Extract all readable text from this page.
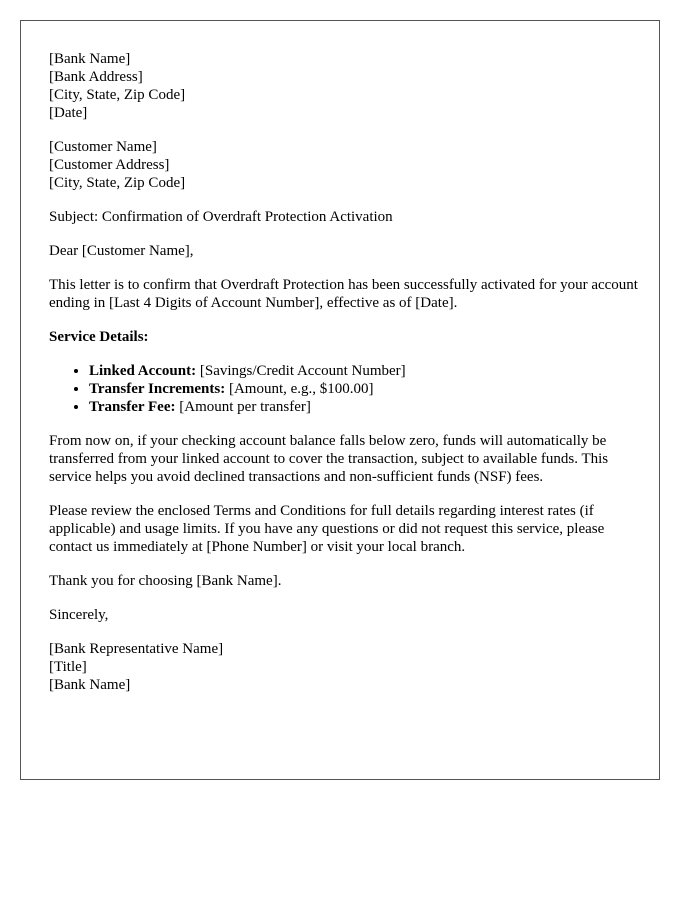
[Bank Name]
[Bank Address]
[City, State, Zip Code]
[Date]
[Customer Name]
[Customer Address]
[City, State, Zip Code]

Subject: Confirmation of Overdraft Protection Activation

Dear [Customer Name],

This letter is to confirm that Overdraft Protection has been successfully activated for your account ending in [Last 4 Digits of Account Number], effective as of [Date].

Service Details:

• Linked Account: [Savings/Credit Account Number]
• Transfer Increments: [Amount, e.g., $100.00]
• Transfer Fee: [Amount per transfer]

From now on, if your checking account balance falls below zero, funds will automatically be transferred from your linked account to cover the transaction, subject to available funds. This service helps you avoid declined transactions and non-sufficient funds (NSF) fees.

Please review the enclosed Terms and Conditions for full details regarding interest rates (if applicable) and usage limits. If you have any questions or did not request this service, please contact us immediately at [Phone Number] or visit your local branch.

Thank you for choosing [Bank Name].

Sincerely,

[Bank Representative Name]
[Title]
[Bank Name]
